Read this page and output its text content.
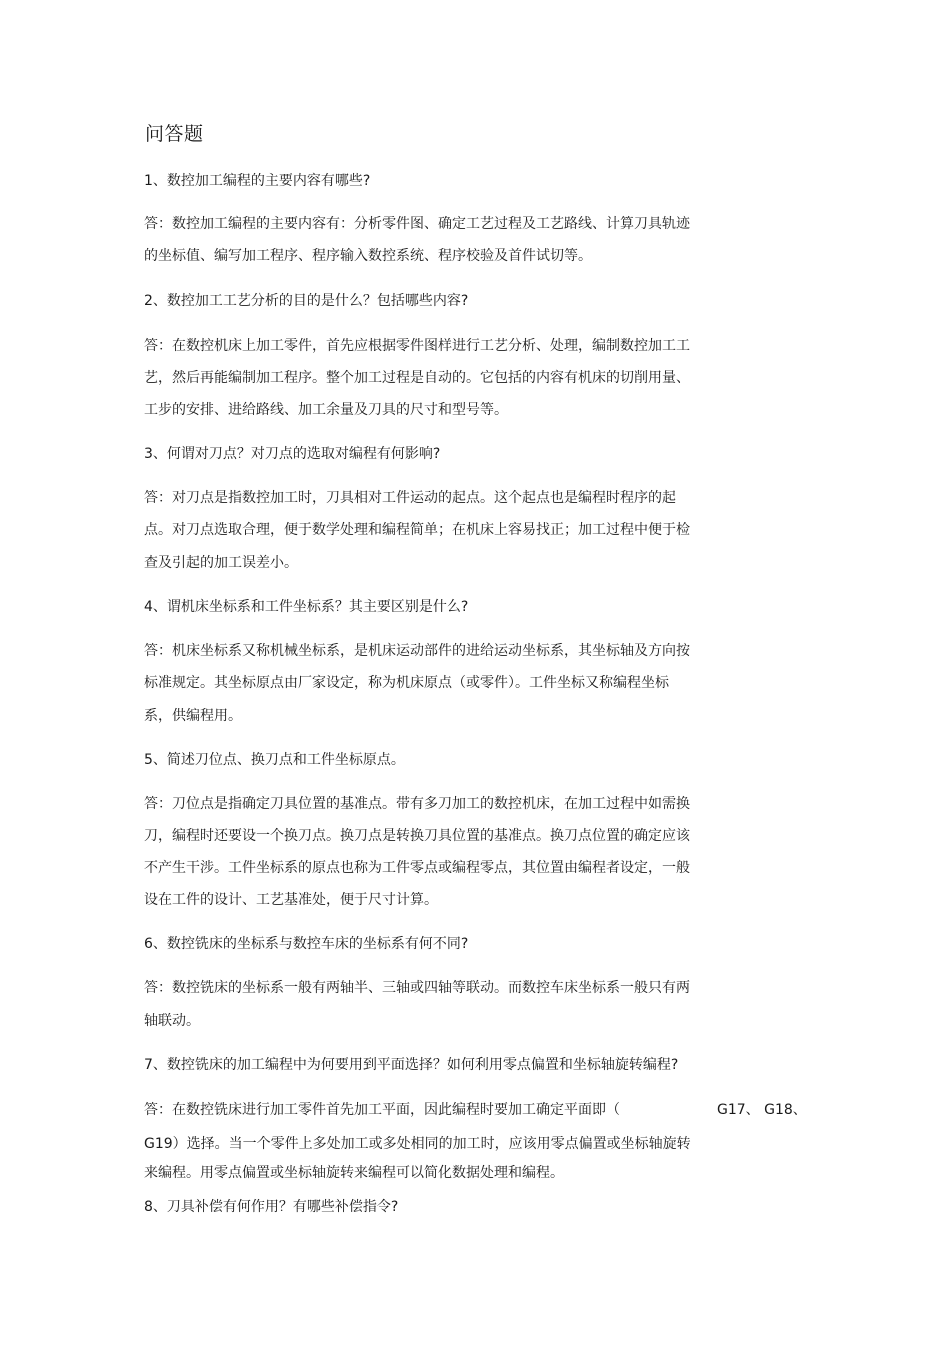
问答题
1、数控加工编程的主要内容有哪些?
答：数控加工编程的主要内容有：分析零件图、确定工艺过程及工艺路线、计算刀具轨迹
的坐标值、编写加工程序、程序输入数控系统、程序校验及首件试切等。
2、数控加工工艺分析的目的是什么？包括哪些内容?
答：在数控机床上加工零件，首先应根据零件图样进行工艺分析、处理，编制数控加工工
艺，然后再能编制加工程序。整个加工过程是自动的。它包括的内容有机床的切削用量、
工步的安排、进给路线、加工余量及刀具的尺寸和型号等。
3、何谓对刀点？对刀点的选取对编程有何影响?
答：对刀点是指数控加工时，刀具相对工件运动的起点。这个起点也是编程时程序的起
点。对刀点选取合理，便于数学处理和编程简单；在机床上容易找正；加工过程中便于检
查及引起的加工误差小。
4、谓机床坐标系和工件坐标系？其主要区别是什么?
答：机床坐标系又称机械坐标系，是机床运动部件的进给运动坐标系，其坐标轴及方向按
标准规定。其坐标原点由厂家设定，称为机床原点（或零件）。工件坐标又称编程坐标
系，供编程用。
5、简述刀位点、换刀点和工件坐标原点。
答：刀位点是指确定刀具位置的基准点。带有多刀加工的数控机床，在加工过程中如需换
刀，编程时还要设一个换刀点。换刀点是转换刀具位置的基准点。换刀点位置的确定应该
不产生干涉。工件坐标系的原点也称为工件零点或编程零点，其位置由编程者设定，一般
设在工件的设计、工艺基准处，便于尺寸计算。
6、数控铣床的坐标系与数控车床的坐标系有何不同?
答：数控铣床的坐标系一般有两轴半、三轴或四轴等联动。而数控车床坐标系一般只有两
轴联动。
7、数控铣床的加工编程中为何要用到平面选择？如何利用零点偏置和坐标轴旋转编程?
答：在数控铣床进行加工零件首先加工平面，因此编程时要加工确定平面即（	G17、 G18、
G19）选择。当一个零件上多处加工或多处相同的加工时，应该用零点偏置或坐标轴旋转
来编程。用零点偏置或坐标轴旋转来编程可以简化数据处理和编程。
8、刀具补偿有何作用？有哪些补偿指令?
